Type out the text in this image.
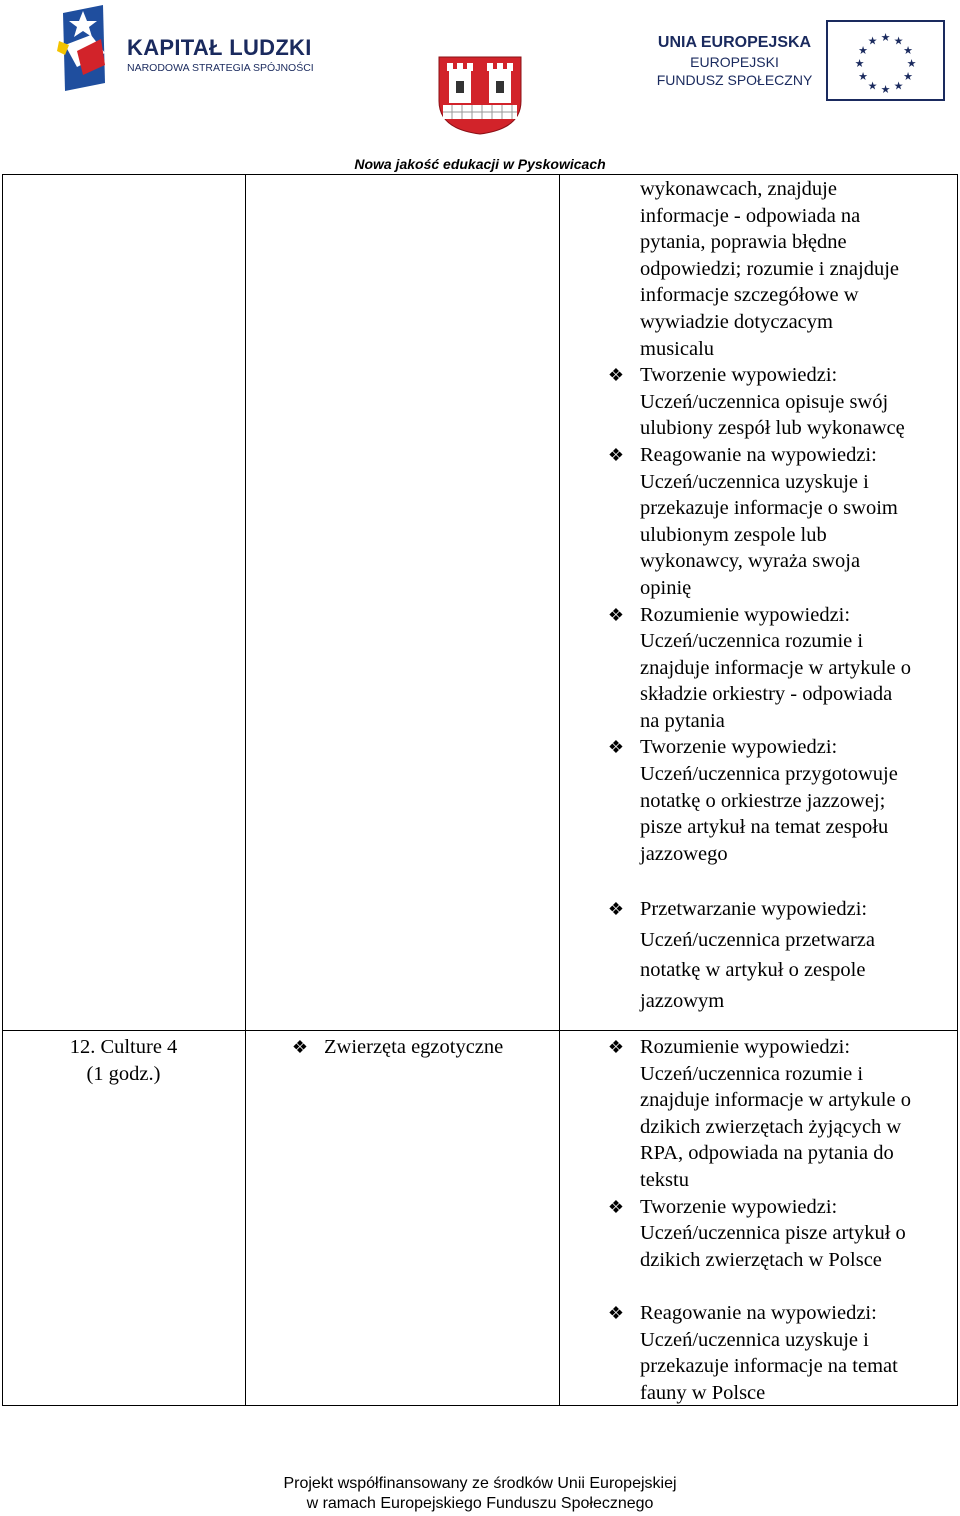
KAPITAŁ LUDZKI
NARODOWA STRATEGIA SPÓJNOŚCI
UNIA EUROPEJSKA
EUROPEJSKI
FUNDUSZ SPOŁECZNY
★ ★
★
★
★
★
★
★
★
★
★
★
Nowa jakość edukacji w Pyskowicach
wykonawcach, znajduje
informacje - odpowiada na
pytania, poprawia błędne
odpowiedzi; rozumie i znajduje
informacje szczegółowe w
wywiadzie dotyczacym
musicalu
❖ Tworzenie wypowiedzi:
Uczeń/uczennica opisuje swój
ulubiony zespół lub wykonawcę
❖ Reagowanie na wypowiedzi:
Uczeń/uczennica uzyskuje i
przekazuje informacje o swoim
ulubionym zespole lub
wykonawcy, wyraża swoja
opinię
❖ Rozumienie wypowiedzi:
Uczeń/uczennica rozumie i
znajduje informacje w artykule o
składzie orkiestry - odpowiada
na pytania
❖ Tworzenie wypowiedzi:
Uczeń/uczennica przygotowuje
notatkę o orkiestrze jazzowej;
pisze artykuł na temat zespołu
jazzowego
❖ Przetwarzanie wypowiedzi:
Uczeń/uczennica przetwarza
notatkę w artykuł o zespole
jazzowym
12. Culture 4
(1 godz.)
❖ Zwierzęta egzotyczne	❖ Rozumienie wypowiedzi:
Uczeń/uczennica rozumie i
znajduje informacje w artykule o
dzikich zwierzętach żyjących w
RPA, odpowiada na pytania do
tekstu
❖ Tworzenie wypowiedzi:
Uczeń/uczennica pisze artykuł o
dzikich zwierzętach w Polsce
❖ Reagowanie na wypowiedzi:
Uczeń/uczennica uzyskuje i
przekazuje informacje na temat
fauny w Polsce
Projekt współfinansowany ze środków Unii Europejskiej
w ramach Europejskiego Funduszu Społecznego
